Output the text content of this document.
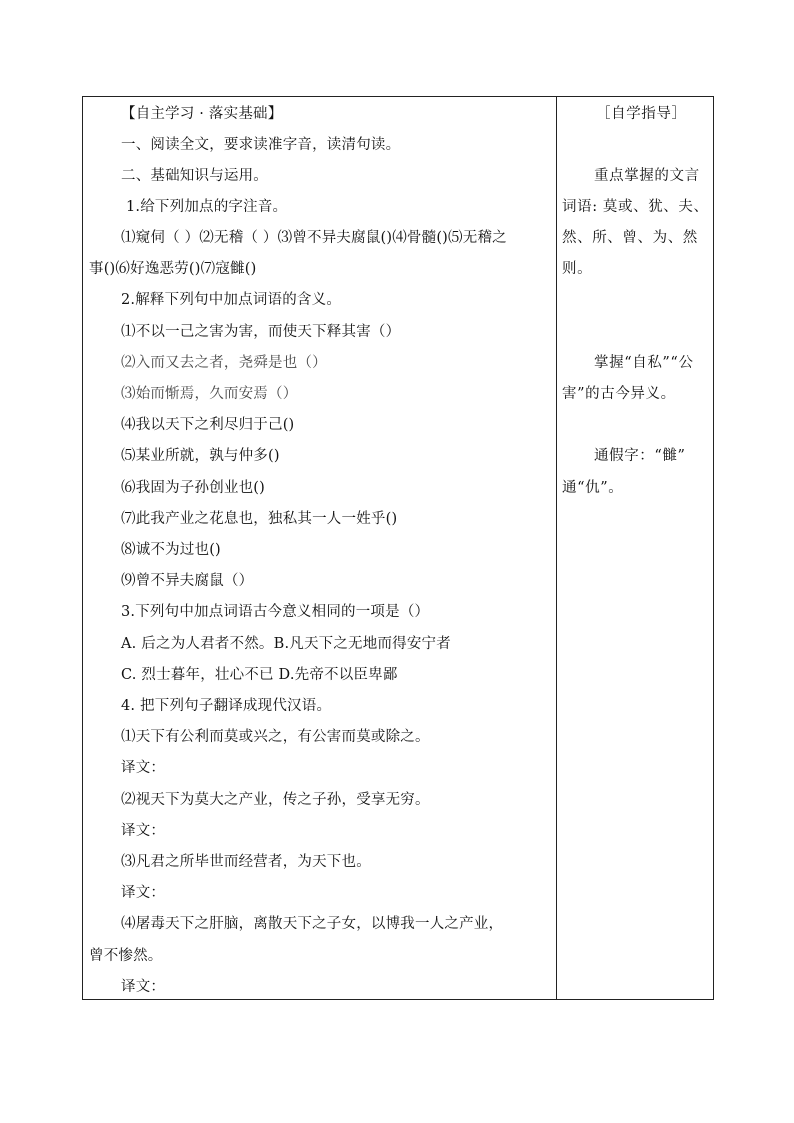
【自主学习 · 落实基础】
一、阅读全文，要求读准字音，读清句读。
二、基础知识与运用。
1.给下列加点的字注音。
⑴窥伺（ ）⑵无稽（ ）⑶曾不异夫腐鼠()⑷骨髓()⑸无稽之
事()⑹好逸恶劳()⑺寇雠()
2.解释下列句中加点词语的含义。
⑴不以一己之害为害，而使天下释其害（）
⑵入而又去之者，尧舜是也（）
⑶始而惭焉，久而安焉（）
⑷我以天下之利尽归于己()
⑸某业所就，孰与仲多()
⑹我固为子孙创业也()
⑺此我产业之花息也，独私其一人一姓乎()
⑻诚不为过也()
⑼曾不异夫腐鼠（）
3.下列句中加点词语古今意义相同的一项是（）
A. 后之为人君者不然。B.凡天下之无地而得安宁者
C. 烈士暮年，壮心不已 D.先帝不以臣卑鄙
4. 把下列句子翻译成现代汉语。
⑴天下有公利而莫或兴之，有公害而莫或除之。
译文：
⑵视天下为莫大之产业，传之子孙，受享无穷。
译文：
⑶凡君之所毕世而经营者，为天下也。
译文：
⑷屠毒天下之肝脑，离散天下之子女，以博我一人之产业，
曾不惨然。
译文：
［自学指导］
重点掌握的文言
词语: 莫或、犹、夫、
然、所、曾、为、然
则。
掌握“自私”“公
害”的古今异义。
通假字：“雠”
通“仇”。
